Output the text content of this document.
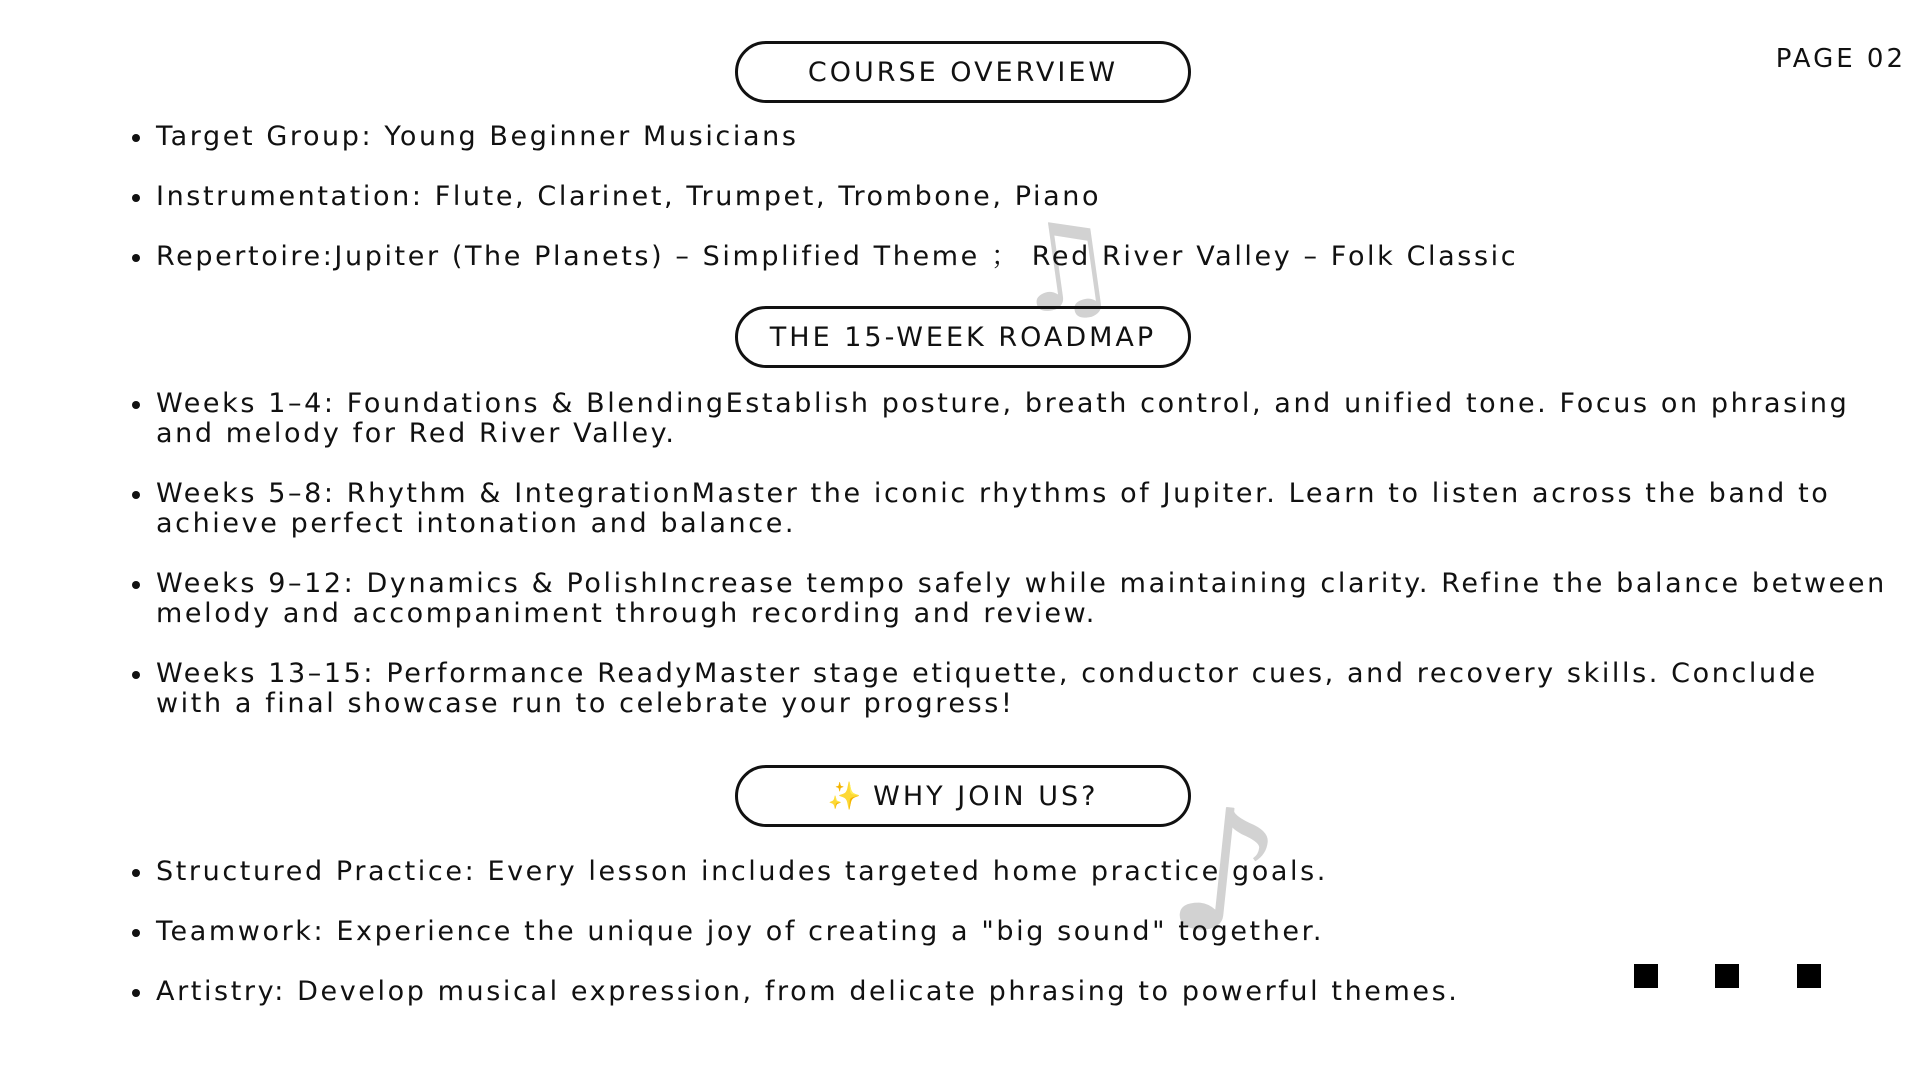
PAGE 02
♫
♪
COURSE OVERVIEW
Target Group: Young Beginner Musicians
Instrumentation: Flute, Clarinet, Trumpet, Trombone, Piano
Repertoire:Jupiter (The Planets) – Simplified Theme ； Red River Valley – Folk Classic
THE 15-WEEK ROADMAP
Weeks 1–4: Foundations & BlendingEstablish posture, breath control, and unified tone. Focus on phrasing
and melody for Red River Valley.
Weeks 5–8: Rhythm & IntegrationMaster the iconic rhythms of Jupiter. Learn to listen across the band to
achieve perfect intonation and balance.
Weeks 9–12: Dynamics & PolishIncrease tempo safely while maintaining clarity. Refine the balance between
melody and accompaniment through recording and review.
Weeks 13–15: Performance ReadyMaster stage etiquette, conductor cues, and recovery skills. Conclude
with a final showcase run to celebrate your progress!
✨ WHY JOIN US?
Structured Practice: Every lesson includes targeted home practice goals.
Teamwork: Experience the unique joy of creating a "big sound" together.
Artistry: Develop musical expression, from delicate phrasing to powerful themes.
